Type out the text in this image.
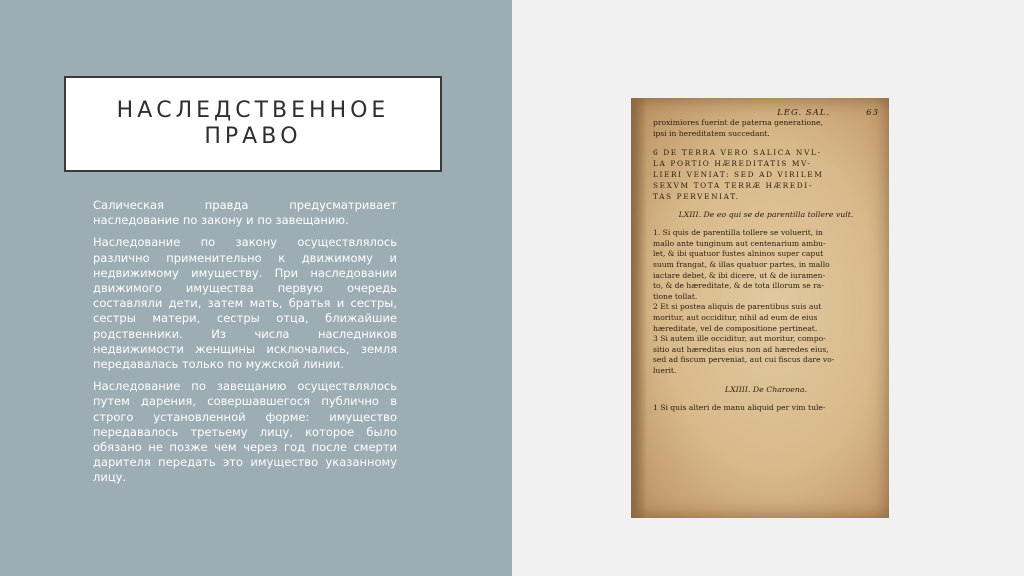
НАСЛЕДСТВЕННОЕ ПРАВО

Салическая правда предусматривает наследование по закону и по завещанию.

Наследование по закону осуществлялось различно применительно к движимому и недвижимому имуществу. При наследовании движимого имущества первую очередь составляли дети, затем мать, братья и сестры, сестры матери, сестры отца, ближайшие родственники. Из числа наследников недвижимости женщины исключались, земля передавалась только по мужской линии.

Наследование по завещанию осуществлялось путем дарения, совершавшегося публично в строго установленной форме: имущество передавалось третьему лицу, которое было обязано не позже чем через год после смерти дарителя передать это имущество указанному лицу.

LEG. SAL.	63
proximiores fuerint de paterna generatione,
ipsi in hereditatem succedant.
6 DE TERRA VERO SALICA NVL-
LA PORTIO HÆREDITATIS MV-
LIERI VENIAT: SED AD VIRILEM
SEXVM TOTA TERRÆ HÆREDI-
TAS PERVENIAT.
LXIII. De eo qui se de parentilla tollere vult.
1. Si quis de parentilla tollere se voluerit, in
mallo ante tunginum aut centenarium ambu-
let, & ibi quatuor fustes alninos super caput
suum frangat, & illas quatuor partes, in mallo
iactare debet, & ibi dicere, ut & de iuramen-
to, & de hæreditate, & de tota illorum se ra-
tione tollat.
2 Et si postea aliquis de parentibus suis aut
moritur, aut occiditur, nihil ad eum de eius
hæreditate, vel de compositione pertineat.
3 Si autem ille occiditur, aut moritur, compo-
sitio aut hæreditas eius non ad hæredes eius,
sed ad fiscum perveniat, aut cui fiscus dare vo-
luerit.
LXIIII. De Charoena.
1 Si quis alteri de manu aliquid per vim tule-
